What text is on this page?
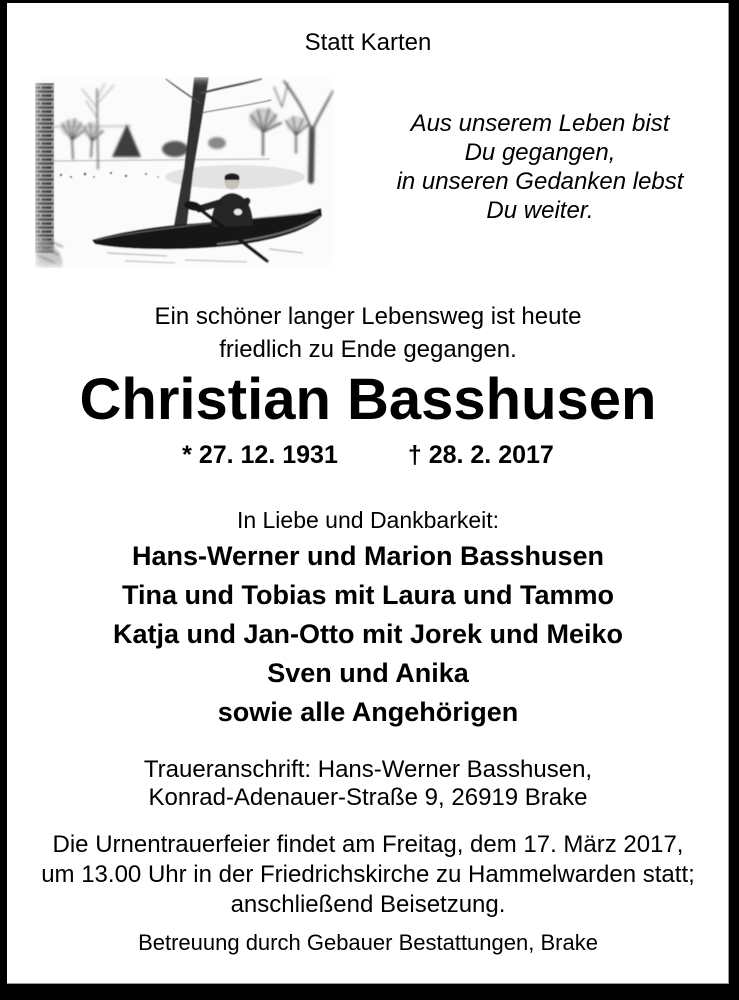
Statt Karten
Aus unserem Leben bist
Du gegangen,
in unseren Gedanken lebst
Du weiter.
Ein schöner langer Lebensweg ist heute
friedlich zu Ende gegangen.
Christian Basshusen
* 27. 12. 1931	† 28. 2. 2017
In Liebe und Dankbarkeit:
Hans-Werner und Marion Basshusen
Tina und Tobias mit Laura und Tammo
Katja und Jan-Otto mit Jorek und Meiko
Sven und Anika
sowie alle Angehörigen
Traueranschrift: Hans-Werner Basshusen,
Konrad-Adenauer-Straße 9, 26919 Brake
Die Urnentrauerfeier findet am Freitag, dem 17. März 2017,
um 13.00 Uhr in der Friedrichskirche zu Hammelwarden statt;
anschließend Beisetzung.
Betreuung durch Gebauer Bestattungen, Brake
